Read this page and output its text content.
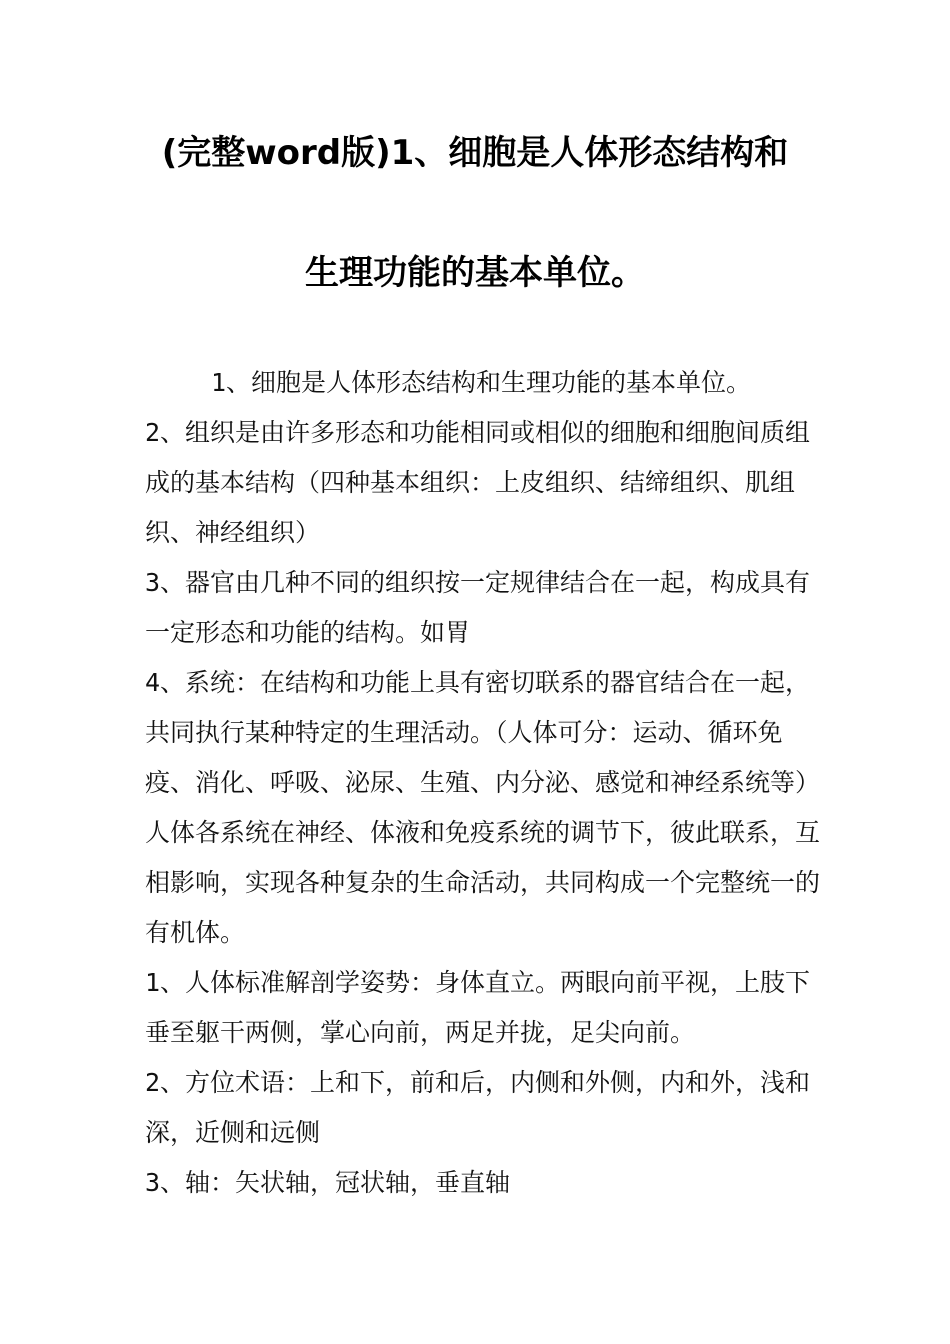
(完整word版)1、细胞是人体形态结构和
生理功能的基本单位。

1、细胞是人体形态结构和生理功能的基本单位。

2、组织是由许多形态和功能相同或相似的细胞和细胞间质组成的基本结构（四种基本组织：上皮组织、结缔组织、肌组织、神经组织）

3、器官由几种不同的组织按一定规律结合在一起，构成具有一定形态和功能的结构。如胃

4、系统：在结构和功能上具有密切联系的器官结合在一起，共同执行某种特定的生理活动。（人体可分：运动、循环免疫、消化、呼吸、泌尿、生殖、内分泌、感觉和神经系统等）人体各系统在神经、体液和免疫系统的调节下，彼此联系，互相影响，实现各种复杂的生命活动，共同构成一个完整统一的有机体。

1、人体标准解剖学姿势：身体直立。两眼向前平视，上肢下垂至躯干两侧，掌心向前，两足并拢，足尖向前。

2、方位术语：上和下，前和后，内侧和外侧，内和外，浅和深，近侧和远侧

3、轴：矢状轴，冠状轴，垂直轴
